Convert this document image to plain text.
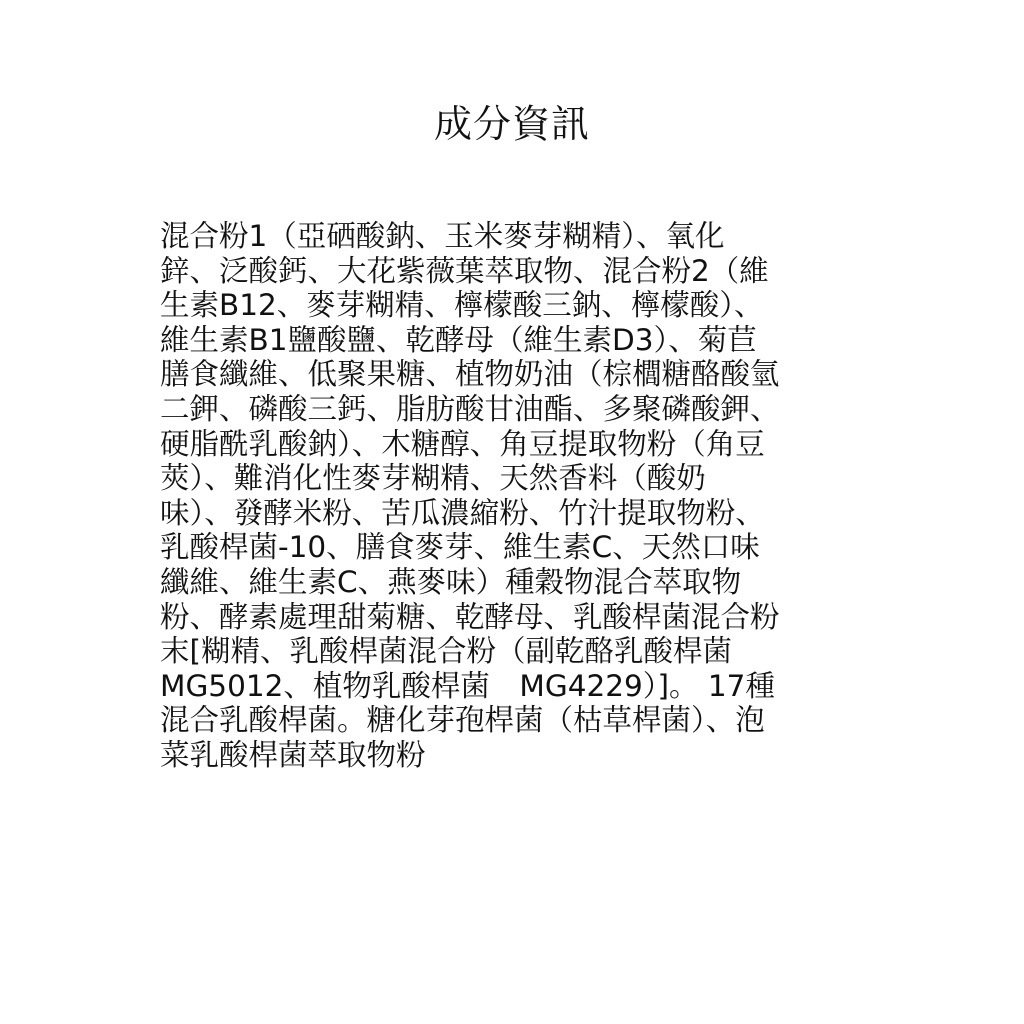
成分資訊
混合粉1（亞硒酸鈉、玉米麥芽糊精）、氧化
鋅、泛酸鈣、大花紫薇葉萃取物、混合粉2（維
生素B12、麥芽糊精、檸檬酸三鈉、檸檬酸）、
維生素B1鹽酸鹽、乾酵母（維生素D3）、菊苣
膳食纖維、低聚果糖、植物奶油（棕櫚糖酪酸氫
二鉀、磷酸三鈣、脂肪酸甘油酯、多聚磷酸鉀、
硬脂酰乳酸鈉）、木糖醇、角豆提取物粉（角豆
莢）、難消化性麥芽糊精、天然香料（酸奶
味）、發酵米粉、苦瓜濃縮粉、竹汁提取物粉、
乳酸桿菌-10、膳食麥芽、維生素C、天然口味
纖維、維生素C、燕麥味）種穀物混合萃取物
粉、酵素處理甜菊糖、乾酵母、乳酸桿菌混合粉
末[糊精、乳酸桿菌混合粉（副乾酪乳酸桿菌
MG5012、植物乳酸桿菌　MG4229）]。 17種
混合乳酸桿菌。糖化芽孢桿菌（枯草桿菌）、泡
菜乳酸桿菌萃取物粉
